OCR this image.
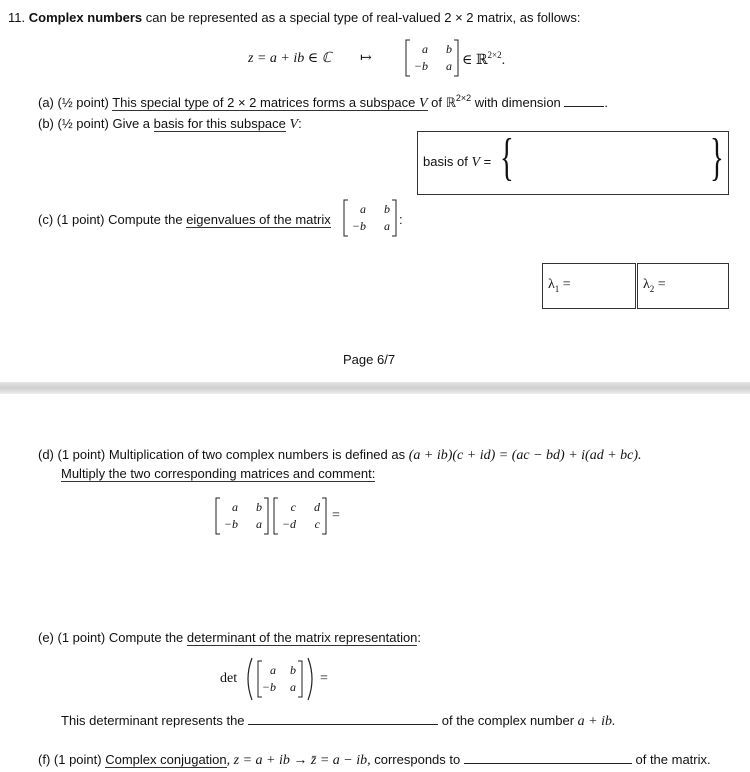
11. Complex numbers can be represented as a special type of real-valued 2 × 2 matrix, as follows:
z = a + ib ∈ ℂ ↦
a	b
−b	a ∈ ℝ$^{2\times 2}$.
(a) (½ point) This special type of 2 × 2 matrices forms a subspace V of ℝ$^{2\times 2}$ with dimension	.
(b) (½ point) Give a basis for this subspace V:
basis of V = {	}
(c) (1 point) Compute the eigenvalues of the matrix
a	b
−b	a :
$\lambda_1$ =	$\lambda_2$ =
Page 6/7
(d) (1 point) Multiplication of two complex numbers is defined as (a + ib)(c + id) = (ac − bd) + i(ad + bc).
Multiply the two corresponding matrices and comment:
a	b
−b	a
c	d
−d	c
=
(e) (1 point) Compute the determinant of the matrix representation:
det
a	b
−b	a
=
This determinant represents the	of the complex number a + ib.
(f) (1 point) Complex conjugation, z = a + ib → z̄ = a − ib, corresponds to	of the matrix.
